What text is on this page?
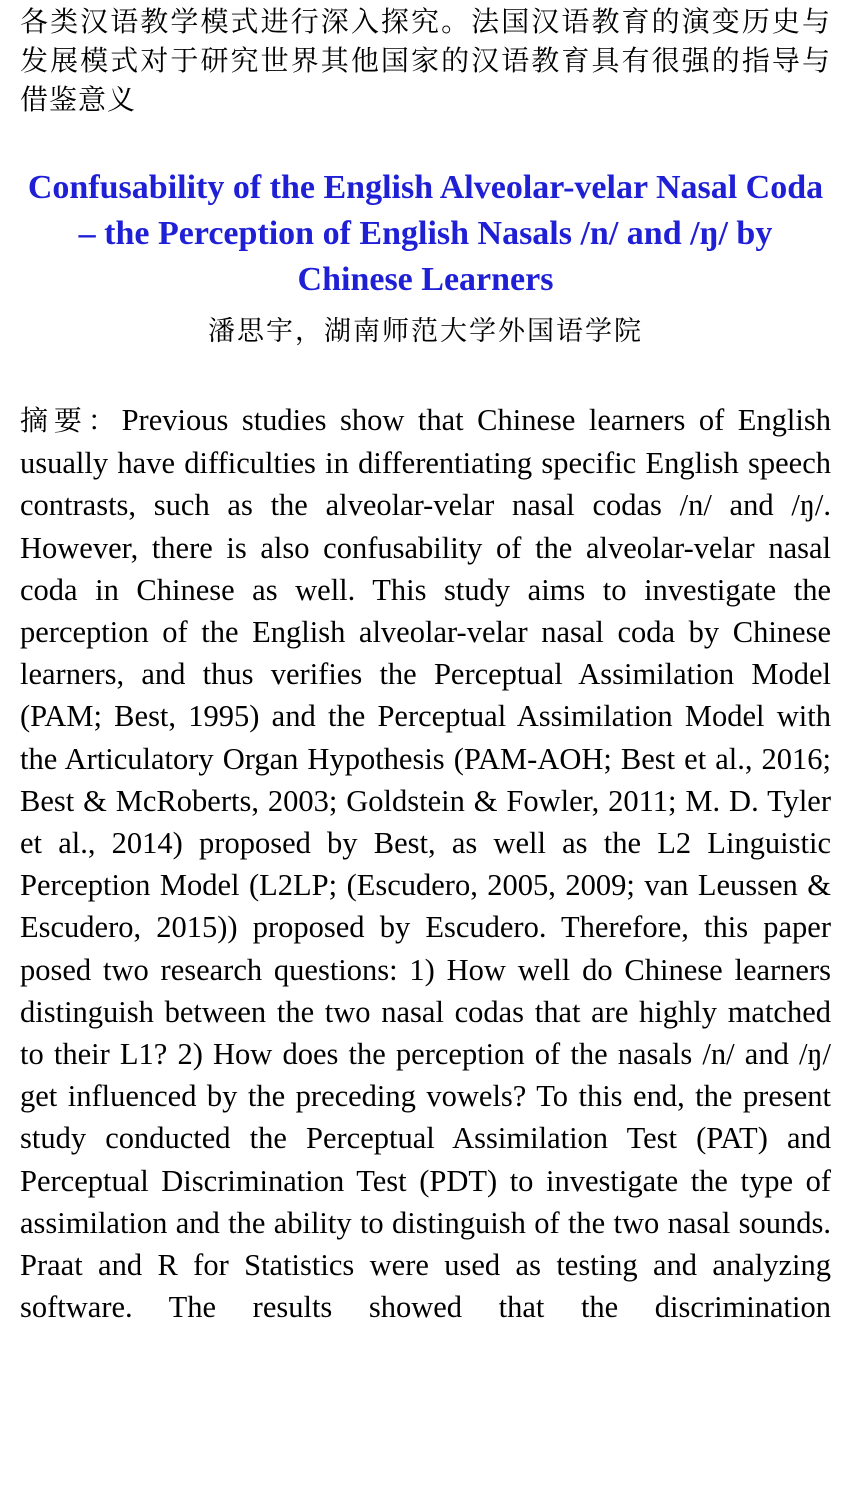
各类汉语教学模式进行深入探究。法国汉语教育的演变历史与发展模式对于研究世界其他国家的汉语教育具有很强的指导与借鉴意义

Confusability of the English Alveolar-velar Nasal Coda – the Perception of English Nasals /n/ and /ŋ/ by Chinese Learners

潘思宇，湖南师范大学外国语学院

摘要：Previous studies show that Chinese learners of English usually have difficulties in differentiating specific English speech contrasts, such as the alveolar-velar nasal codas /n/ and /ŋ/. However, there is also confusability of the alveolar-velar nasal coda in Chinese as well. This study aims to investigate the perception of the English alveolar-velar nasal coda by Chinese learners, and thus verifies the Perceptual Assimilation Model (PAM; Best, 1995) and the Perceptual Assimilation Model with the Articulatory Organ Hypothesis (PAM-AOH; Best et al., 2016; Best & McRoberts, 2003; Goldstein & Fowler, 2011; M. D. Tyler et al., 2014) proposed by Best, as well as the L2 Linguistic Perception Model (L2LP; (Escudero, 2005, 2009; van Leussen & Escudero, 2015)) proposed by Escudero. Therefore, this paper posed two research questions: 1) How well do Chinese learners distinguish between the two nasal codas that are highly matched to their L1? 2) How does the perception of the nasals /n/ and /ŋ/ get influenced by the preceding vowels? To this end, the present study conducted the Perceptual Assimilation Test (PAT) and Perceptual Discrimination Test (PDT) to investigate the type of assimilation and the ability to distinguish of the two nasal sounds. Praat and R for Statistics were used as testing and analyzing software. The results showed that the discrimination
